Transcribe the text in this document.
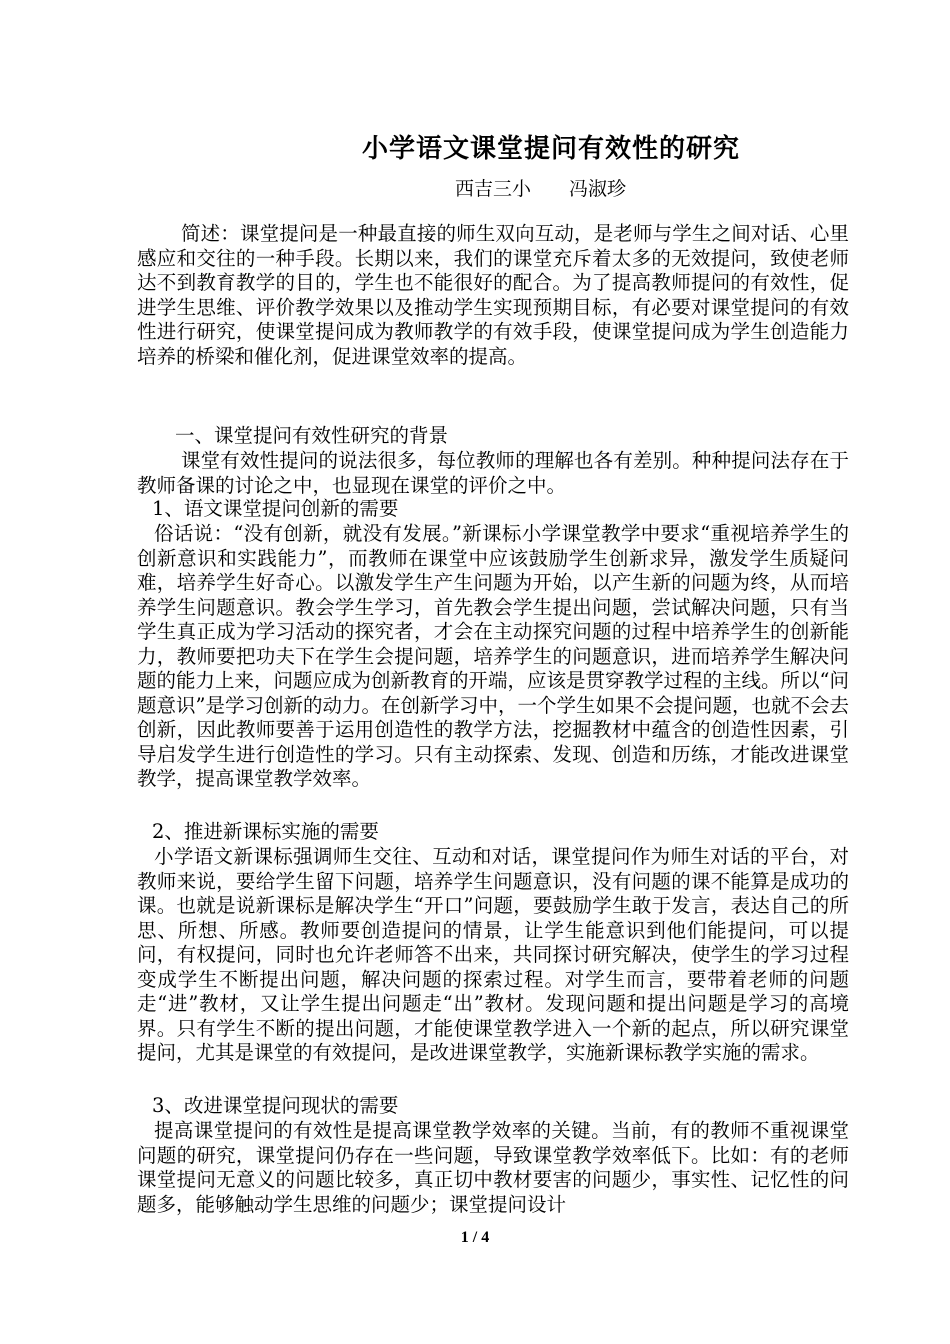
小学语文课堂提问有效性的研究
西吉三小 冯淑珍
简述：课堂提问是一种最直接的师生双向互动，是老师与学生之间对话、心里感应和交往的一种手段。长期以来，我们的课堂充斥着太多的无效提问，致使老师达不到教育教学的目的，学生也不能很好的配合。为了提高教师提问的有效性，促进学生思维、评价教学效果以及推动学生实现预期目标，有必要对课堂提问的有效性进行研究，使课堂提问成为教师教学的有效手段，使课堂提问成为学生创造能力培养的桥梁和催化剂，促进课堂效率的提高。
一、课堂提问有效性研究的背景
课堂有效性提问的说法很多，每位教师的理解也各有差别。种种提问法存在于教师备课的讨论之中，也显现在课堂的评价之中。
1、语文课堂提问创新的需要
俗话说：“没有创新，就没有发展。”新课标小学课堂教学中要求“重视培养学生的创新意识和实践能力”，而教师在课堂中应该鼓励学生创新求异，激发学生质疑问难，培养学生好奇心。以激发学生产生问题为开始，以产生新的问题为终，从而培养学生问题意识。教会学生学习，首先教会学生提出问题，尝试解决问题，只有当学生真正成为学习活动的探究者，才会在主动探究问题的过程中培养学生的创新能力，教师要把功夫下在学生会提问题，培养学生的问题意识，进而培养学生解决问题的能力上来，问题应成为创新教育的开端，应该是贯穿教学过程的主线。所以“问题意识”是学习创新的动力。在创新学习中，一个学生如果不会提问题，也就不会去创新，因此教师要善于运用创造性的教学方法，挖掘教材中蕴含的创造性因素，引导启发学生进行创造性的学习。只有主动探索、发现、创造和历练，才能改进课堂教学，提高课堂教学效率。
2、推进新课标实施的需要
小学语文新课标强调师生交往、互动和对话，课堂提问作为师生对话的平台，对教师来说，要给学生留下问题，培养学生问题意识，没有问题的课不能算是成功的课。也就是说新课标是解决学生“开口”问题，要鼓励学生敢于发言，表达自己的所思、所想、所感。教师要创造提问的情景，让学生能意识到他们能提问，可以提问，有权提问，同时也允许老师答不出来，共同探讨研究解决，使学生的学习过程变成学生不断提出问题，解决问题的探索过程。对学生而言，要带着老师的问题走“进”教材，又让学生提出问题走“出”教材。发现问题和提出问题是学习的高境界。只有学生不断的提出问题，才能使课堂教学进入一个新的起点，所以研究课堂提问，尤其是课堂的有效提问，是改进课堂教学，实施新课标教学实施的需求。
3、改进课堂提问现状的需要
提高课堂提问的有效性是提高课堂教学效率的关键。当前，有的教师不重视课堂问题的研究，课堂提问仍存在一些问题，导致课堂教学效率低下。比如：有的老师课堂提问无意义的问题比较多，真正切中教材要害的问题少，事实性、记忆性的问题多，能够触动学生思维的问题少；课堂提问设计
1 / 4
